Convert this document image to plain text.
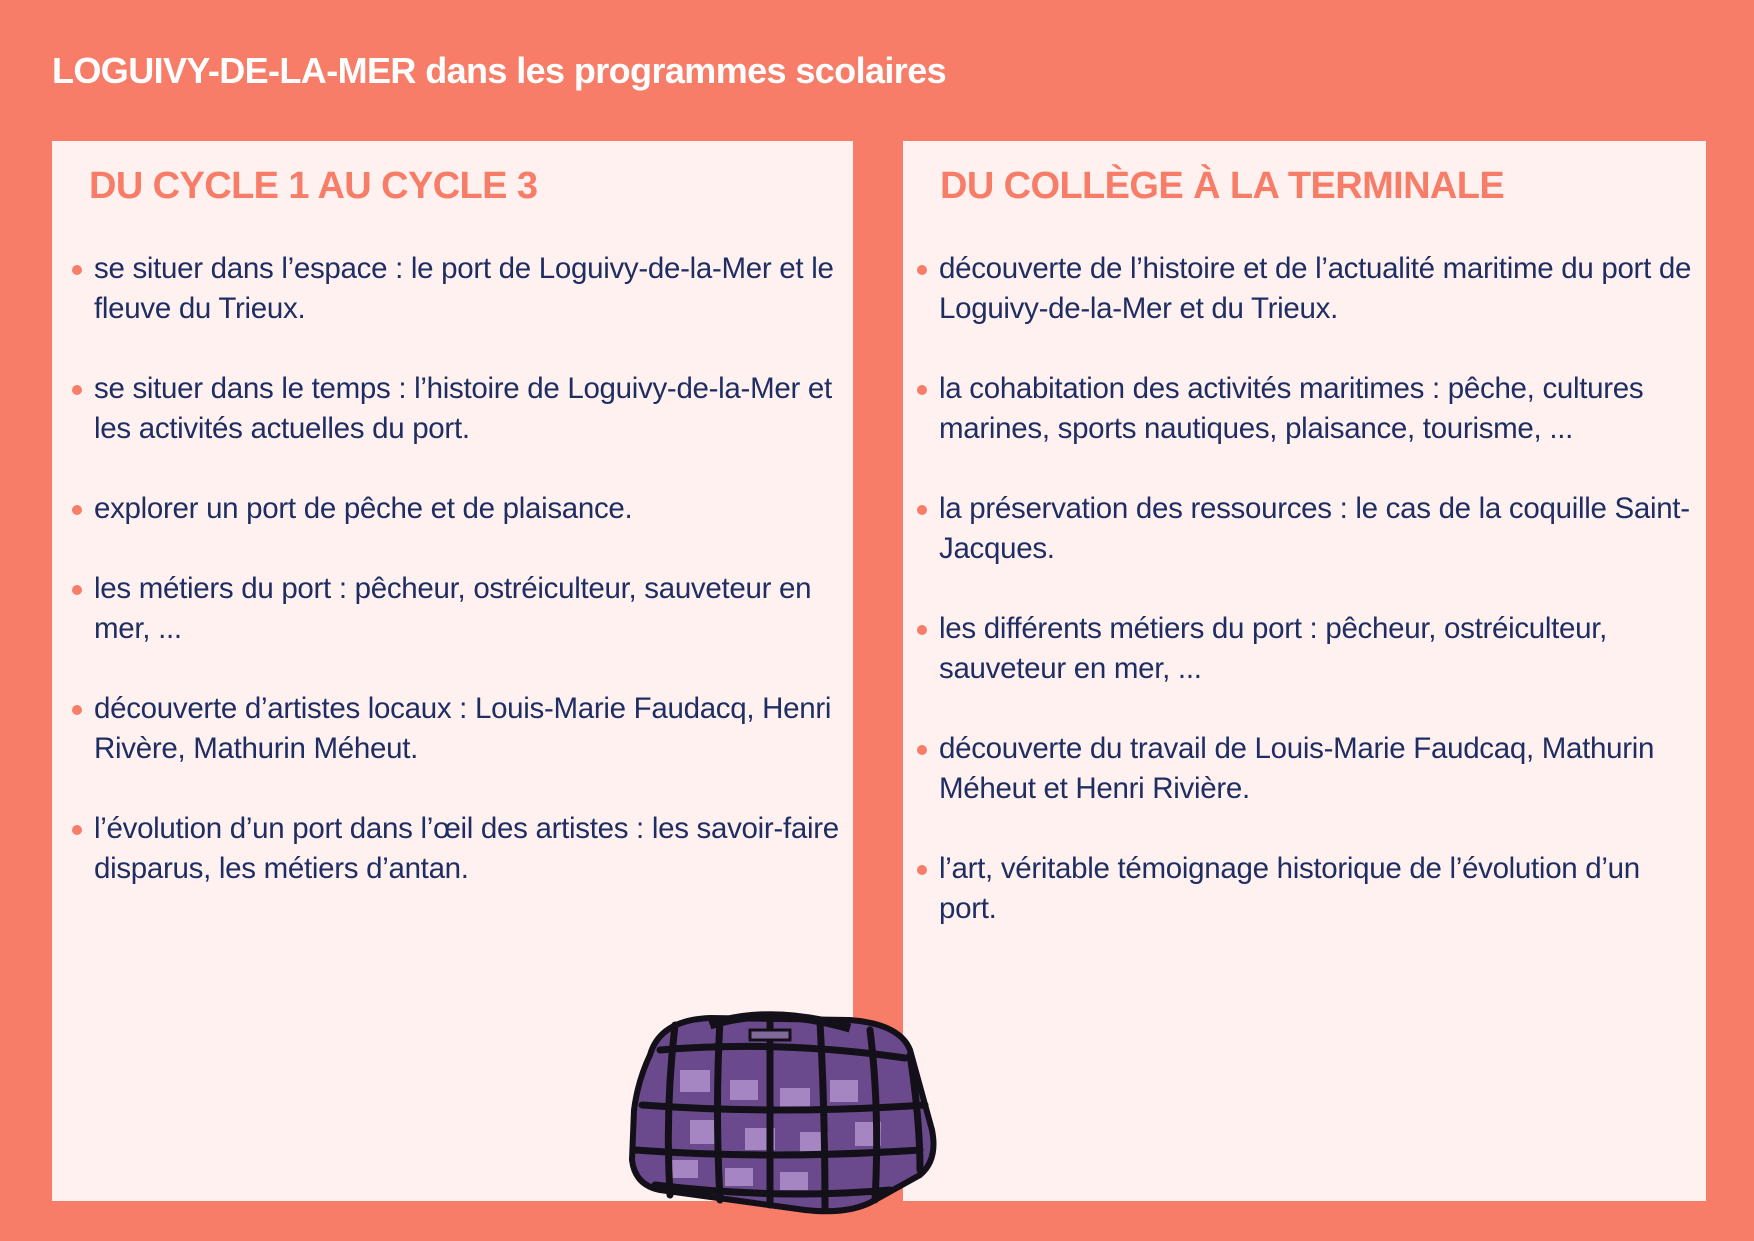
LOGUIVY-DE-LA-MER dans les programmes scolaires
DU CYCLE 1 AU CYCLE 3
se situer dans l’espace : le port de Loguivy-de-la-Mer et le fleuve du Trieux.
se situer dans le temps : l’histoire de Loguivy-de-la-Mer et les activités actuelles du port.
explorer un port de pêche et de plaisance.
les métiers du port : pêcheur, ostréiculteur, sauveteur en mer, ...
découverte d’artistes locaux : Louis-Marie Faudacq, Henri Rivère, Mathurin Méheut.
l’évolution d’un port dans l’œil des artistes : les savoir-faire disparus, les métiers d’antan.
DU COLLÈGE À LA TERMINALE
découverte de l’histoire et de l’actualité maritime du port de Loguivy-de-la-Mer et du Trieux.
la cohabitation des activités maritimes : pêche, cultures marines, sports nautiques, plaisance, tourisme, ...
la préservation des ressources : le cas de la coquille Saint-Jacques.
les différents métiers du port : pêcheur, ostréiculteur, sauveteur en mer, ...
découverte du travail de Louis-Marie Faudcaq, Mathurin Méheut et Henri Rivière.
l’art, véritable témoignage historique de l’évolution d’un port.
